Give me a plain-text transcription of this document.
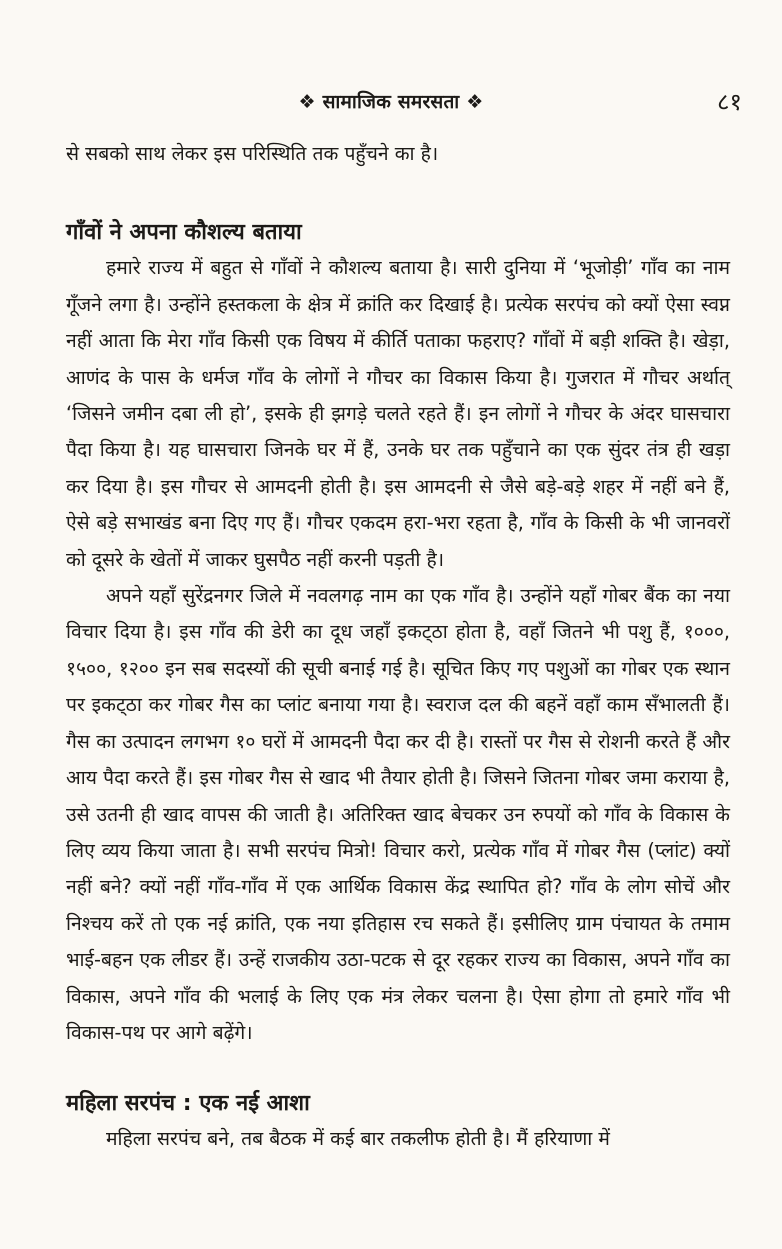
❖ सामाजिक समरसता ❖	८१

से सबको साथ लेकर इस परिस्थिति तक पहुँचने का है।

गाँवों ने अपना कौशल्य बताया

हमारे राज्य में बहुत से गाँवों ने कौशल्य बताया है। सारी दुनिया में ‘भूजोड़ी’ गाँव का नाम गूँजने लगा है। उन्होंने हस्तकला के क्षेत्र में क्रांति कर दिखाई है। प्रत्येक सरपंच को क्यों ऐसा स्वप्न नहीं आता कि मेरा गाँव किसी एक विषय में कीर्ति पताका फहराए? गाँवों में बड़ी शक्ति है। खेड़ा, आणंद के पास के धर्मज गाँव के लोगों ने गौचर का विकास किया है। गुजरात में गौचर अर्थात् ‘जिसने जमीन दबा ली हो’, इसके ही झगड़े चलते रहते हैं। इन लोगों ने गौचर के अंदर घासचारा पैदा किया है। यह घासचारा जिनके घर में हैं, उनके घर तक पहुँचाने का एक सुंदर तंत्र ही खड़ा कर दिया है। इस गौचर से आमदनी होती है। इस आमदनी से जैसे बड़े-बड़े शहर में नहीं बने हैं, ऐसे बड़े सभाखंड बना दिए गए हैं। गौचर एकदम हरा-भरा रहता है, गाँव के किसी के भी जानवरों को दूसरे के खेतों में जाकर घुसपैठ नहीं करनी पड़ती है।

अपने यहाँ सुरेंद्रनगर जिले में नवलगढ़ नाम का एक गाँव है। उन्होंने यहाँ गोबर बैंक का नया विचार दिया है। इस गाँव की डेरी का दूध जहाँ इकट्‌ठा होता है, वहाँ जितने भी पशु हैं, १०००, १५००, १२०० इन सब सदस्यों की सूची बनाई गई है। सूचित किए गए पशुओं का गोबर एक स्थान पर इकट्‌ठा कर गोबर गैस का प्लांट बनाया गया है। स्वराज दल की बहनें वहाँ काम सँभालती हैं। गैस का उत्पादन लगभग १० घरों में आमदनी पैदा कर दी है। रास्तों पर गैस से रोशनी करते हैं और आय पैदा करते हैं। इस गोबर गैस से खाद भी तैयार होती है। जिसने जितना गोबर जमा कराया है, उसे उतनी ही खाद वापस की जाती है। अतिरिक्त खाद बेचकर उन रुपयों को गाँव के विकास के लिए व्यय किया जाता है। सभी सरपंच मित्रो! विचार करो, प्रत्येक गाँव में गोबर गैस (प्लांट) क्यों नहीं बने? क्यों नहीं गाँव-गाँव में एक आर्थिक विकास केंद्र स्थापित हो? गाँव के लोग सोचें और निश्चय करें तो एक नई क्रांति, एक नया इतिहास रच सकते हैं। इसीलिए ग्राम पंचायत के तमाम भाई-बहन एक लीडर हैं। उन्हें राजकीय उठा-पटक से दूर रहकर राज्य का विकास, अपने गाँव का विकास, अपने गाँव की भलाई के लिए एक मंत्र लेकर चलना है। ऐसा होगा तो हमारे गाँव भी विकास-पथ पर आगे बढ़ेंगे।

महिला सरपंच : एक नई आशा

महिला सरपंच बने, तब बैठक में कई बार तकलीफ होती है। मैं हरियाणा में
